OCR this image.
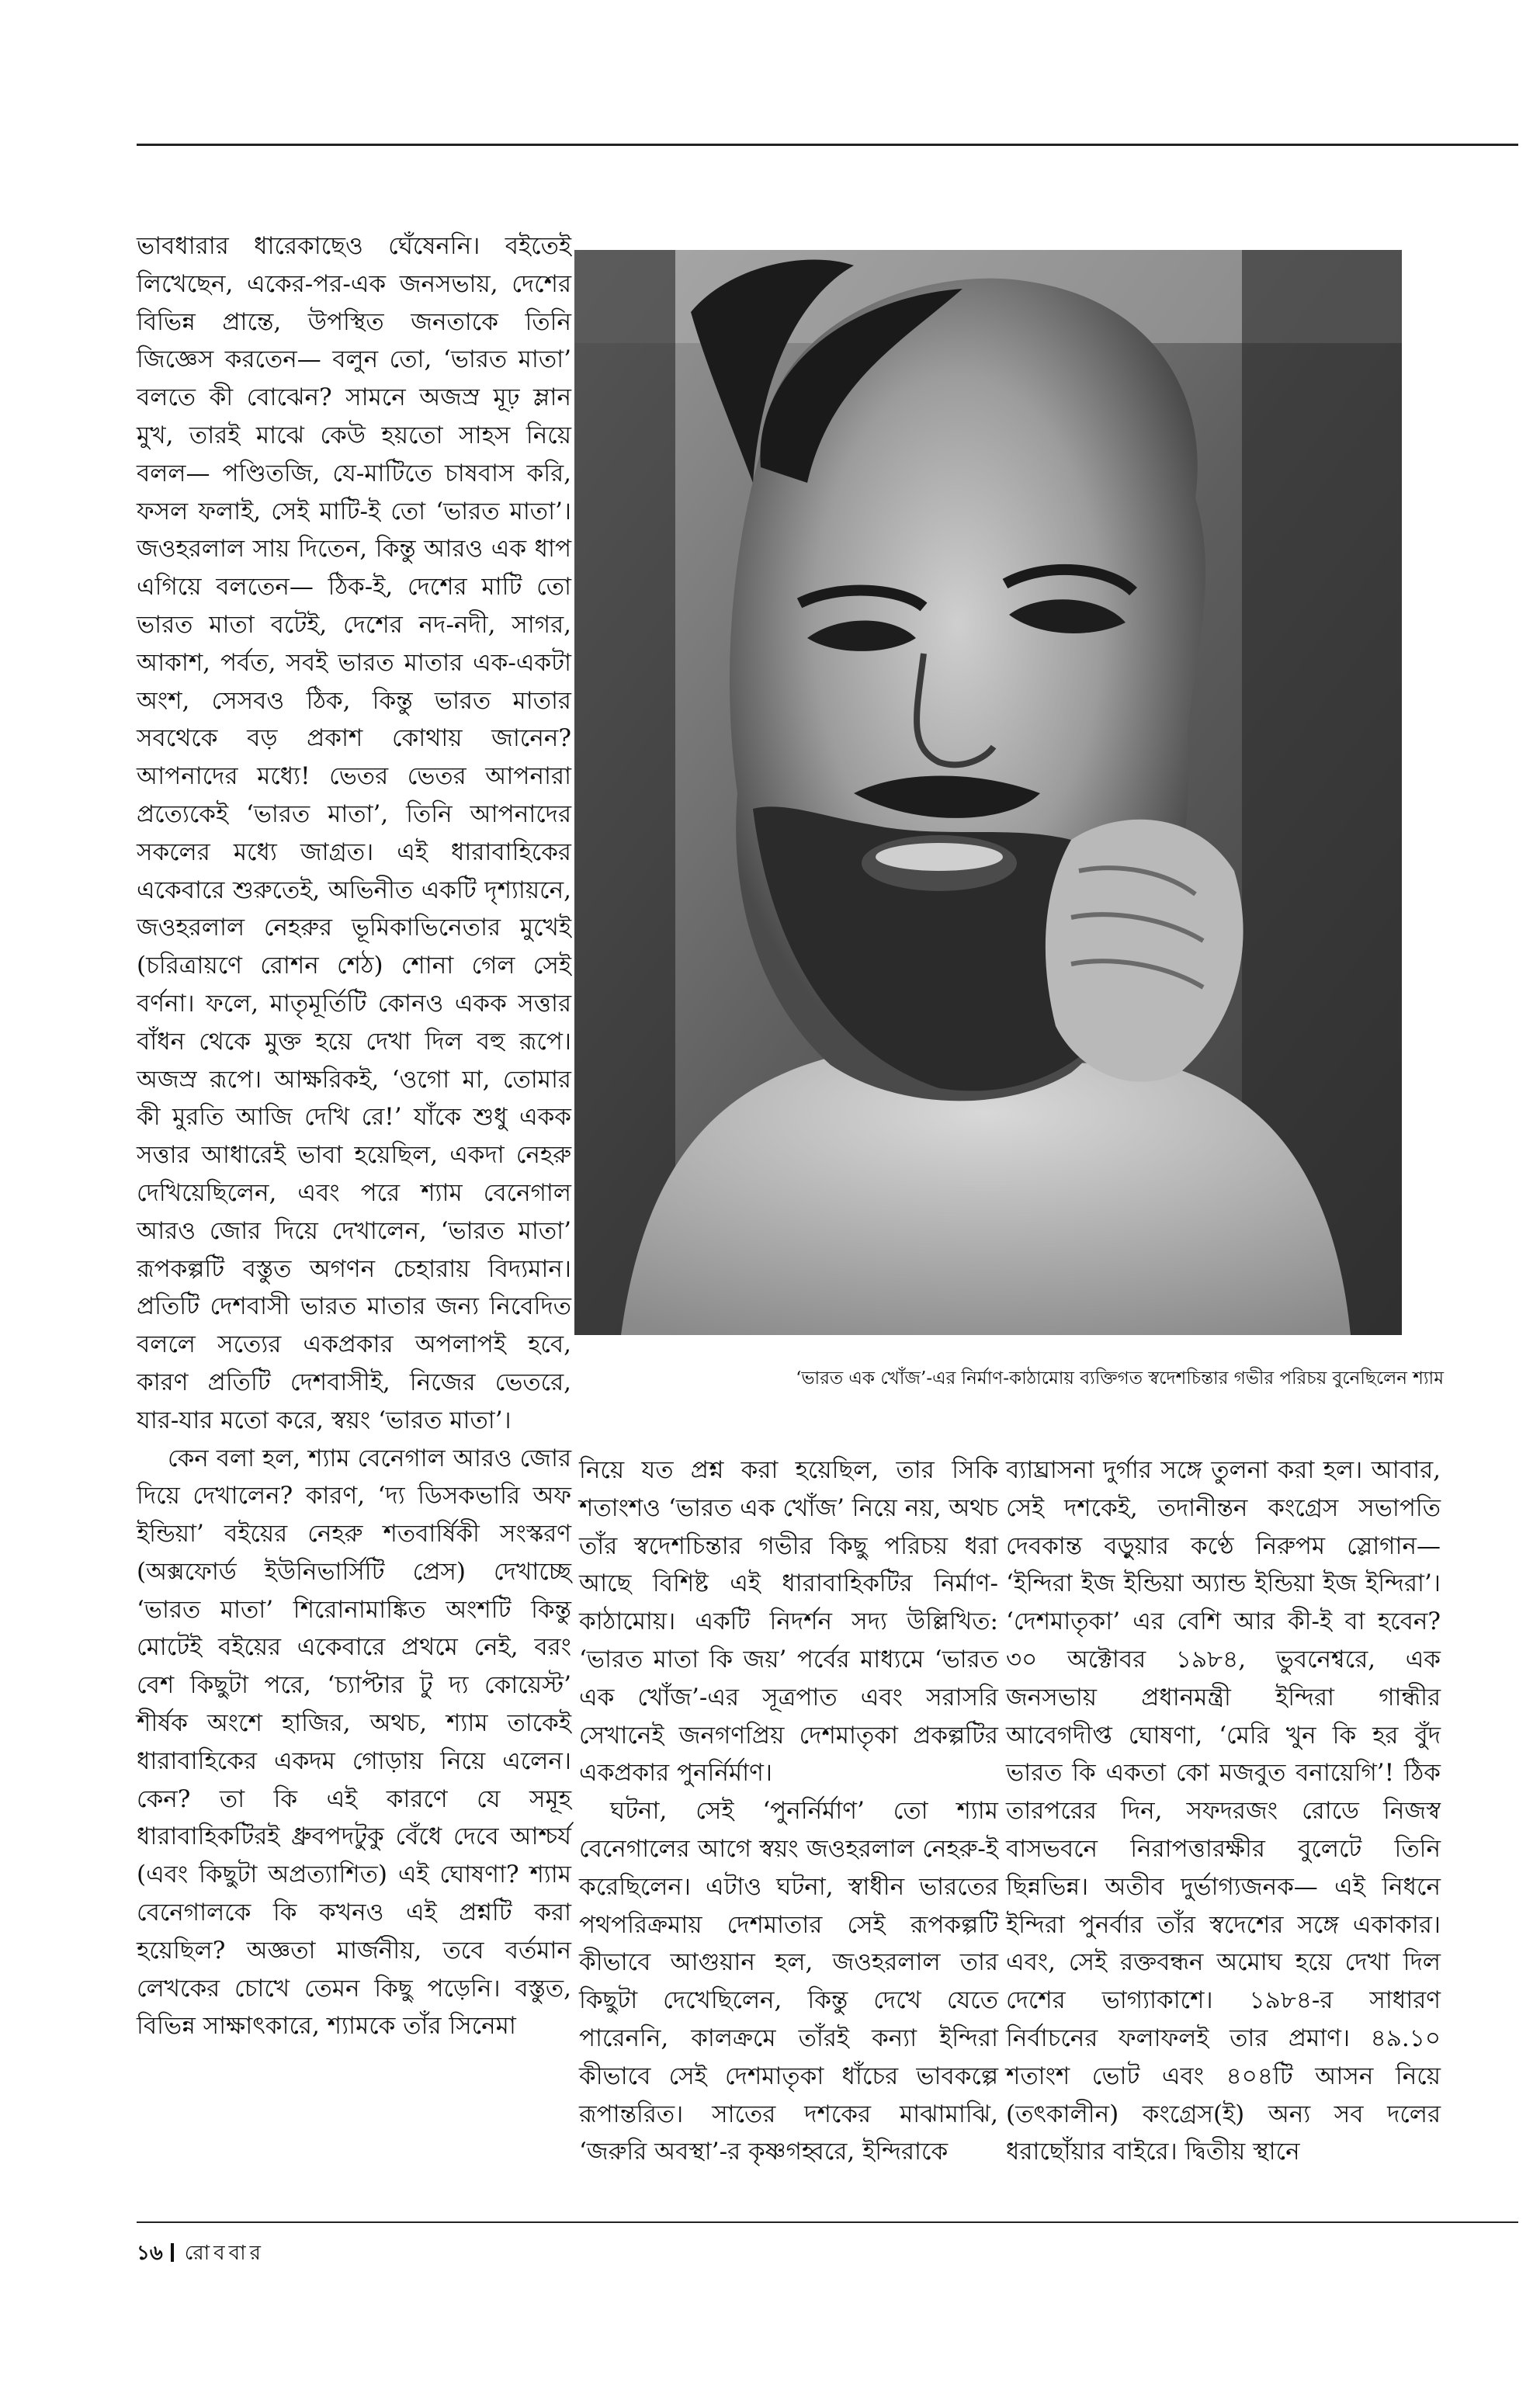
ভাবধারার ধারেকাছেও ঘেঁষেননি। বইতেই লিখেছেন, একের-পর-এক জনসভায়, দেশের বিভিন্ন প্রান্তে, উপস্থিত জনতাকে তিনি জিজ্ঞেস করতেন— বলুন তো, ‘ভারত মাতা’ বলতে কী বোঝেন? সামনে অজস্র মূঢ় ম্লান মুখ, তারই মাঝে কেউ হয়তো সাহস নিয়ে বলল— পণ্ডিতজি, যে-মাটিতে চাষবাস করি, ফসল ফলাই, সেই মাটি-ই তো ‘ভারত মাতা’। জওহরলাল সায় দিতেন, কিন্তু আরও এক ধাপ এগিয়ে বলতেন— ঠিক-ই, দেশের মাটি তো ভারত মাতা বটেই, দেশের নদ-নদী, সাগর, আকাশ, পর্বত, সবই ভারত মাতার এক-একটা অংশ, সেসবও ঠিক, কিন্তু ভারত মাতার সবথেকে বড় প্রকাশ কোথায় জানেন? আপনাদের মধ্যে! ভেতর ভেতর আপনারা প্রত্যেকেই ‘ভারত মাতা’, তিনি আপনাদের সকলের মধ্যে জাগ্রত। এই ধারাবাহিকের একেবারে শুরুতেই, অভিনীত একটি দৃশ্যায়নে, জওহরলাল নেহরুর ভূমিকাভিনেতার মুখেই (চরিত্রায়ণে রোশন শেঠ) শোনা গেল সেই বর্ণনা। ফলে, মাতৃমূর্তিটি কোনও একক সত্তার বাঁধন থেকে মুক্ত হয়ে দেখা দিল বহু রূপে। অজস্র রূপে। আক্ষরিকই, ‘ওগো মা, তোমার কী মুরতি আজি দেখি রে!’ যাঁকে শুধু একক সত্তার আধারেই ভাবা হয়েছিল, একদা নেহরু দেখিয়েছিলেন, এবং পরে শ্যাম বেনেগাল আরও জোর দিয়ে দেখালেন, ‘ভারত মাতা’ রূপকল্পটি বস্তুত অগণন চেহারায় বিদ্যমান। প্রতিটি দেশবাসী ভারত মাতার জন্য নিবেদিত বললে সত্যের একপ্রকার অপলাপই হবে, কারণ প্রতিটি দেশবাসীই, নিজের ভেতরে, যার-যার মতো করে, স্বয়ং ‘ভারত মাতা’।

কেন বলা হল, শ্যাম বেনেগাল আরও জোর দিয়ে দেখালেন? কারণ, ‘দ্য ডিসকভারি অফ ইন্ডিয়া’ বইয়ের নেহরু শতবার্ষিকী সংস্করণ (অক্সফোর্ড ইউনিভার্সিটি প্রেস) দেখাচ্ছে ‘ভারত মাতা’ শিরোনামাঙ্কিত অংশটি কিন্তু মোটেই বইয়ের একেবারে প্রথমে নেই, বরং বেশ কিছুটা পরে, ‘চ্যাপ্টার টু দ্য কোয়েস্ট’ শীর্ষক অংশে হাজির, অথচ, শ্যাম তাকেই ধারাবাহিকের একদম গোড়ায় নিয়ে এলেন। কেন? তা কি এই কারণে যে সমূহ ধারাবাহিকটিরই ধ্রুবপদটুকু বেঁধে দেবে আশ্চর্য (এবং কিছুটা অপ্রত্যাশিত) এই ঘোষণা? শ্যাম বেনেগালকে কি কখনও এই প্রশ্নটি করা হয়েছিল? অজ্ঞতা মার্জনীয়, তবে বর্তমান লেখকের চোখে তেমন কিছু পড়েনি। বস্তুত, বিভিন্ন সাক্ষাৎকারে, শ্যামকে তাঁর সিনেমা

‘ভারত এক খোঁজ’-এর নির্মাণ-কাঠামোয় ব্যক্তিগত স্বদেশচিন্তার গভীর পরিচয় বুনেছিলেন শ্যাম

নিয়ে যত প্রশ্ন করা হয়েছিল, তার সিকি শতাংশও ‘ভারত এক খোঁজ’ নিয়ে নয়, অথচ তাঁর স্বদেশচিন্তার গভীর কিছু পরিচয় ধরা আছে বিশিষ্ট এই ধারাবাহিকটির নির্মাণ-কাঠামোয়। একটি নিদর্শন সদ্য উল্লিখিত: ‘ভারত মাতা কি জয়’ পর্বের মাধ্যমে ‘ভারত এক খোঁজ’-এর সূত্রপাত এবং সরাসরি সেখানেই জনগণপ্রিয় দেশমাতৃকা প্রকল্পটির একপ্রকার পুনর্নির্মাণ।

ঘটনা, সেই ‘পুনর্নির্মাণ’ তো শ্যাম বেনেগালের আগে স্বয়ং জওহরলাল নেহরু-ই করেছিলেন। এটাও ঘটনা, স্বাধীন ভারতের পথপরিক্রমায় দেশমাতার সেই রূপকল্পটি কীভাবে আগুয়ান হল, জওহরলাল তার কিছুটা দেখেছিলেন, কিন্তু দেখে যেতে পারেননি, কালক্রমে তাঁরই কন্যা ইন্দিরা কীভাবে সেই দেশমাতৃকা ধাঁচের ভাবকল্পে রূপান্তরিত। সাতের দশকের মাঝামাঝি, ‘জরুরি অবস্থা’-র কৃষ্ণগহ্বরে, ইন্দিরাকে

ব্যাঘ্রাসনা দুর্গার সঙ্গে তুলনা করা হল। আবার, সেই দশকেই, তদানীন্তন কংগ্রেস সভাপতি দেবকান্ত বড়ুয়ার কণ্ঠে নিরুপম স্লোগান— ‘ইন্দিরা ইজ ইন্ডিয়া অ্যান্ড ইন্ডিয়া ইজ ইন্দিরা’। ‘দেশমাতৃকা’ এর বেশি আর কী-ই বা হবেন? ৩০ অক্টোবর ১৯৮৪, ভুবনেশ্বরে, এক জনসভায় প্রধানমন্ত্রী ইন্দিরা গান্ধীর আবেগদীপ্ত ঘোষণা, ‘মেরি খুন কি হর বুঁদ ভারত কি একতা কো মজবুত বনায়েগি’! ঠিক তারপরের দিন, সফদরজং রোডে নিজস্ব বাসভবনে নিরাপত্তারক্ষীর বুলেটে তিনি ছিন্নভিন্ন। অতীব দুর্ভাগ্যজনক— এই নিধনে ইন্দিরা পুনর্বার তাঁর স্বদেশের সঙ্গে একাকার। এবং, সেই রক্তবন্ধন অমোঘ হয়ে দেখা দিল দেশের ভাগ্যাকাশে। ১৯৮৪-র সাধারণ নির্বাচনের ফলাফলই তার প্রমাণ। ৪৯.১০ শতাংশ ভোট এবং ৪০৪টি আসন নিয়ে (তৎকালীন) কংগ্রেস(ই) অন্য সব দলের ধরাছোঁয়ার বাইরে। দ্বিতীয় স্থানে

১৬ রোববার
